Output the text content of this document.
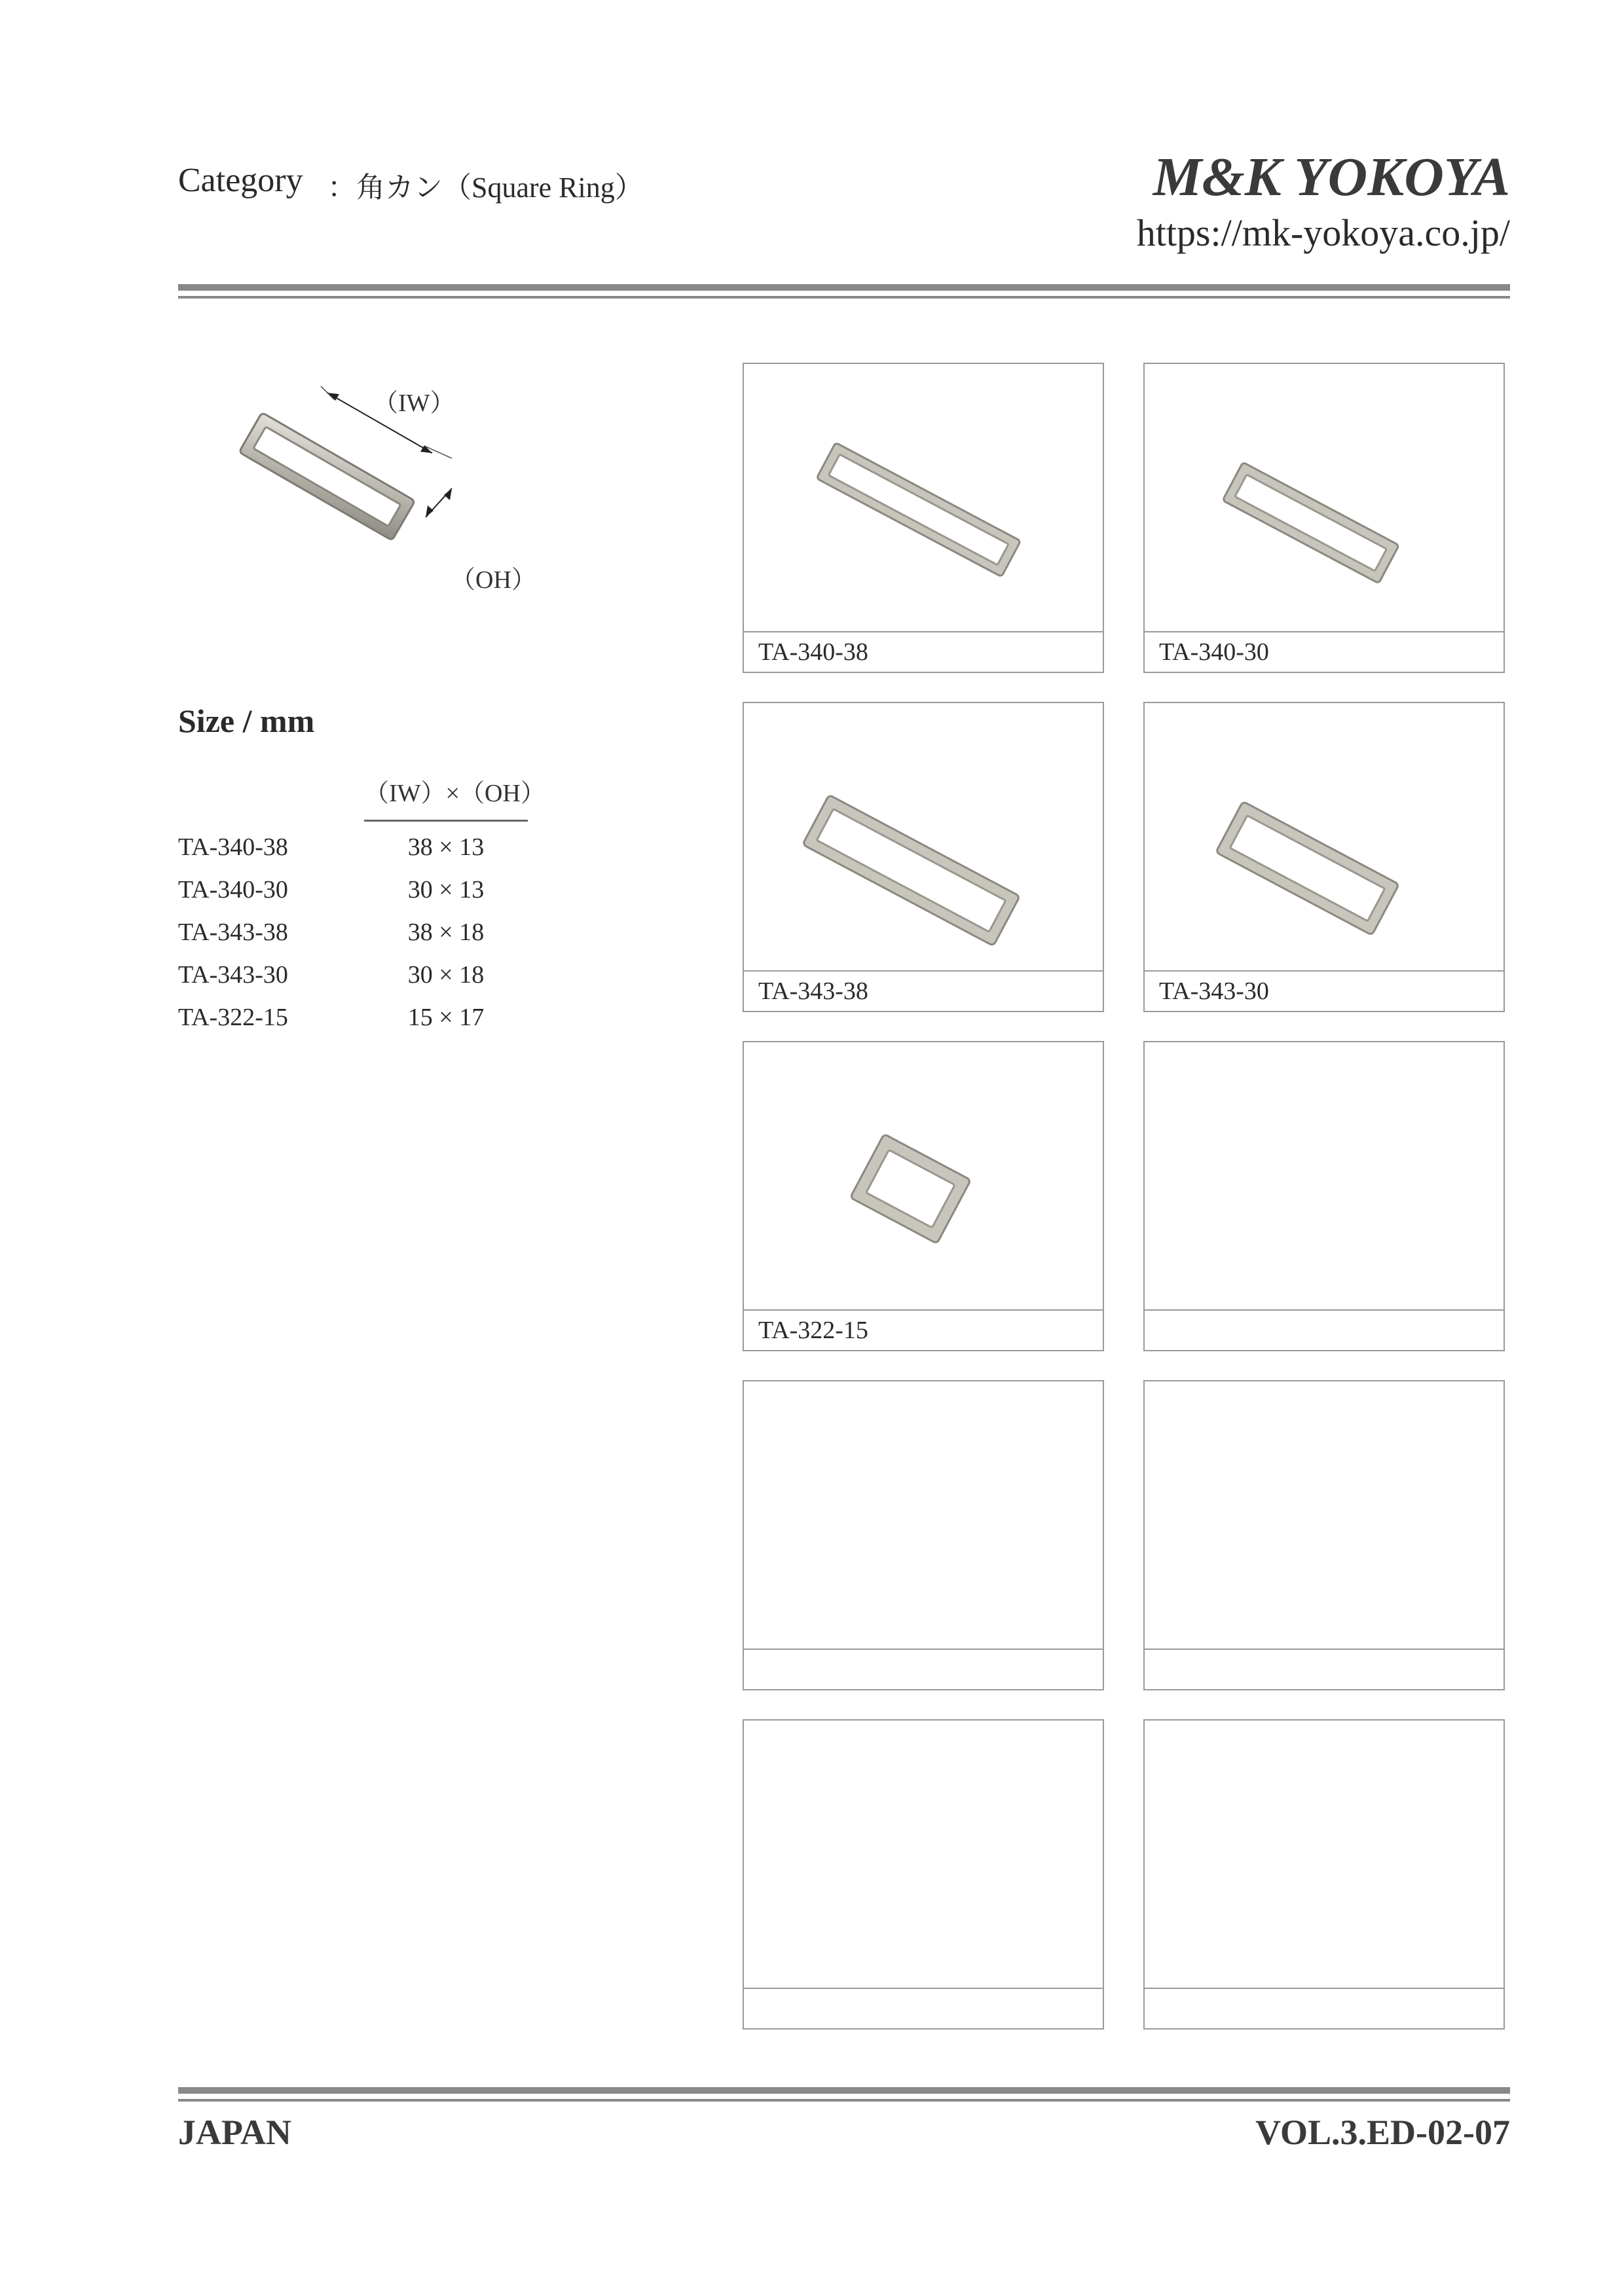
Category ：角カン（Square Ring）	M&K YOKOYA
https://mk-yokoya.co.jp/
（IW）
（OH）
Size / mm
（IW）×（OH）
TA-340-38	38 × 13
TA-340-30	30 × 13
TA-343-38	38 × 18
TA-343-30	30 × 18
TA-322-15	15 × 17
TA-340-38	TA-340-30
TA-343-38	TA-343-30
TA-322-15
JAPAN	VOL.3.ED-02-07
